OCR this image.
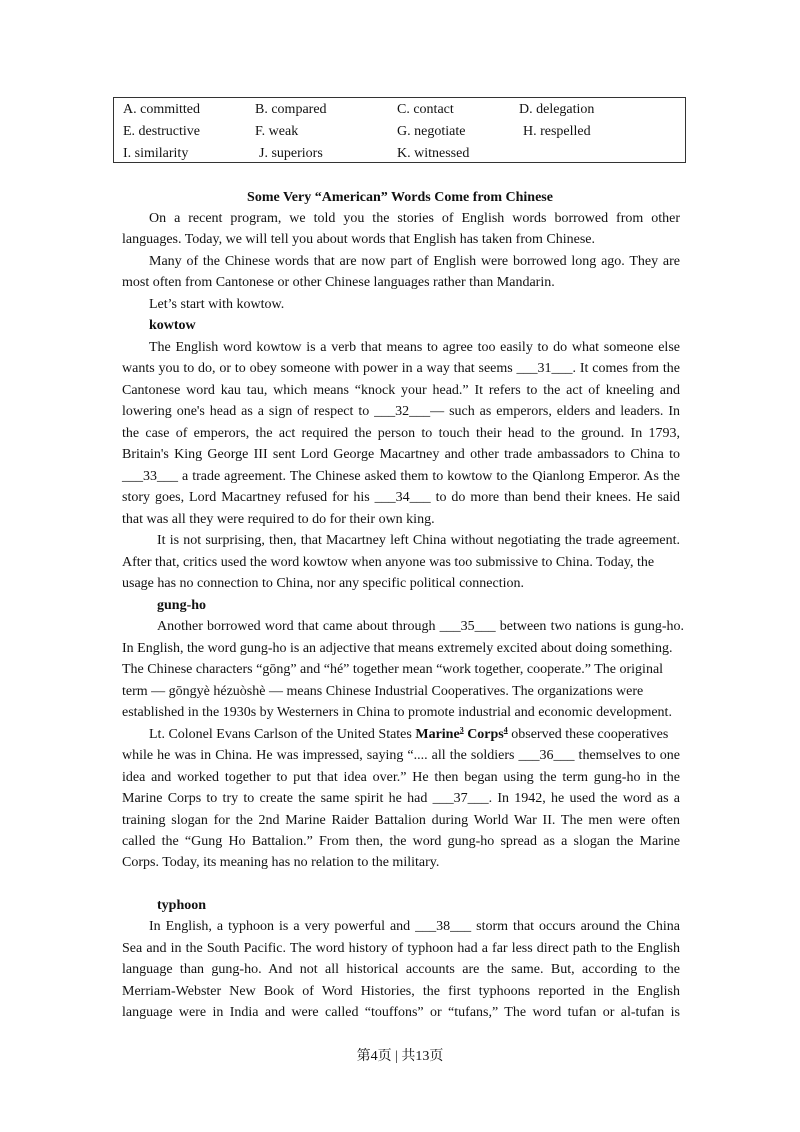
A. committed	B. compared	C. contact	D. delegation
E. destructive	F. weak	G. negotiate	H. respelled
I. similarity	J. superiors	K. witnessed
Some Very “American” Words Come from Chinese
On a recent program, we told you the stories of English words borrowed from other
languages. Today, we will tell you about words that English has taken from Chinese.
Many of the Chinese words that are now part of English were borrowed long ago. They are
most often from Cantonese or other Chinese languages rather than Mandarin.
Let’s start with kowtow.
kowtow
The English word kowtow is a verb that means to agree too easily to do what someone else
wants you to do, or to obey someone with power in a way that seems ___31___. It comes from the
Cantonese word kau tau, which means “knock your head.” It refers to the act of kneeling and
lowering one's head as a sign of respect to ___32___— such as emperors, elders and leaders. In
the case of emperors, the act required the person to touch their head to the ground. In 1793,
Britain's King George III sent Lord George Macartney and other trade ambassadors to China to
___33___ a trade agreement. The Chinese asked them to kowtow to the Qianlong Emperor. As the
story goes, Lord Macartney refused for his ___34___ to do more than bend their knees. He said
that was all they were required to do for their own king.
It is not surprising, then, that Macartney left China without negotiating the trade agreement.
After that, critics used the word kowtow when anyone was too submissive to China. Today, the
usage has no connection to China, nor any specific political connection.
gung-ho
Another borrowed word that came about through ___35___ between two nations is gung-ho.
In English, the word gung-ho is an adjective that means extremely excited about doing something.
The Chinese characters “gōng” and “hé” together mean “work together, cooperate.” The original
term — gōngyè hézuòshè — means Chinese Industrial Cooperatives. The organizations were
established in the 1930s by Westerners in China to promote industrial and economic development.
Lt. Colonel Evans Carlson of the United States Marine$^3$ Corps$^4$ observed these cooperatives
while he was in China. He was impressed, saying “.... all the soldiers ___36___ themselves to one
idea and worked together to put that idea over.” He then began using the term gung-ho in the
Marine Corps to try to create the same spirit he had ___37___. In 1942, he used the word as a
training slogan for the 2nd Marine Raider Battalion during World War II. The men were often
called the “Gung Ho Battalion.” From then, the word gung-ho spread as a slogan the Marine
Corps. Today, its meaning has no relation to the military.
typhoon
In English, a typhoon is a very powerful and ___38___ storm that occurs around the China
Sea and in the South Pacific. The word history of typhoon had a far less direct path to the English
language than gung-ho. And not all historical accounts are the same. But, according to the
Merriam-Webster New Book of Word Histories, the first typhoons reported in the English
language were in India and were called “touffons” or “tufans,” The word tufan or al-tufan is
第4页 | 共13页
